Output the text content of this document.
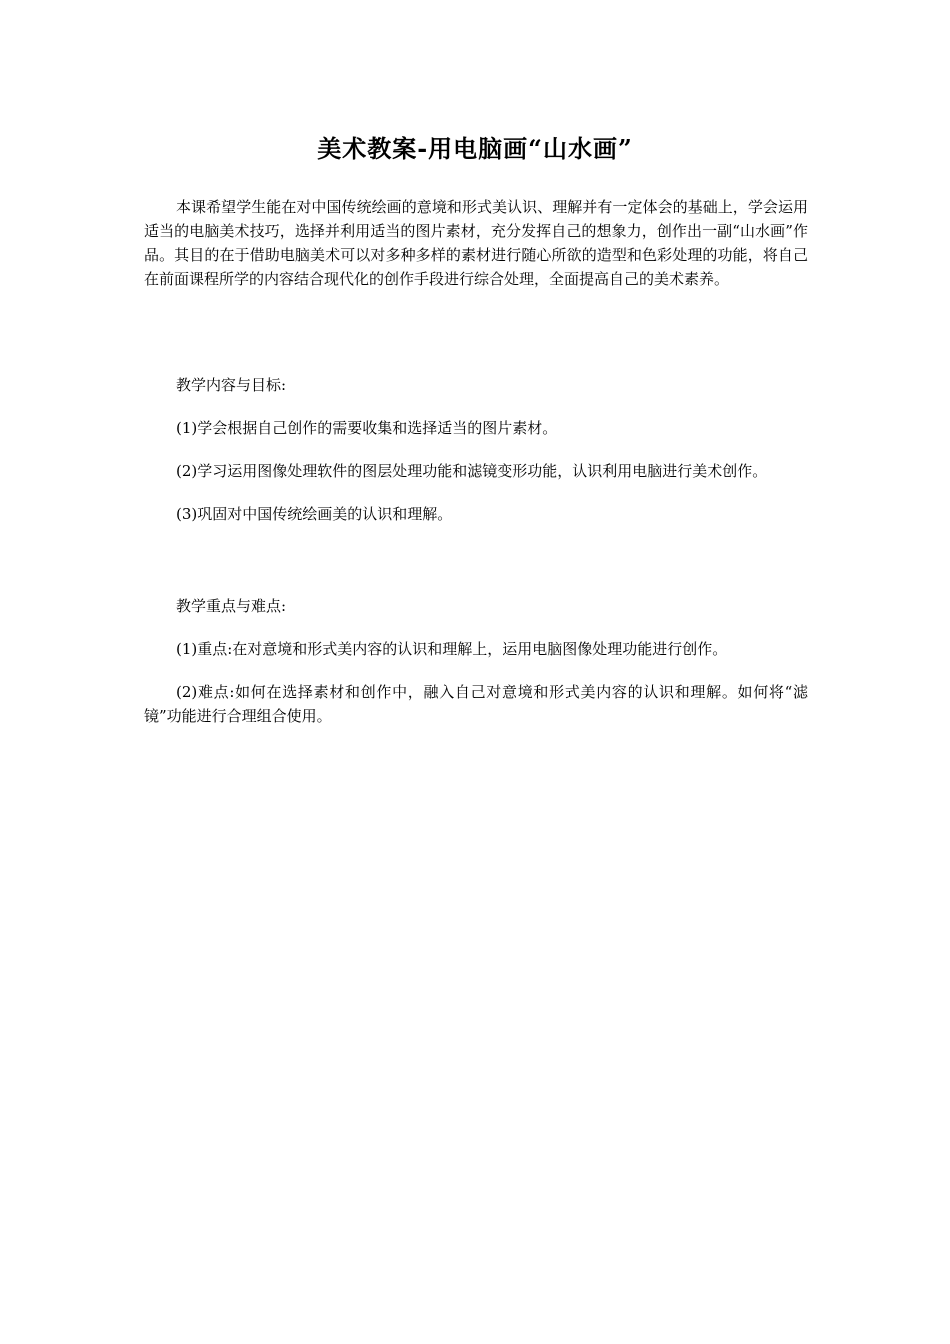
美术教案-用电脑画“山水画”

本课希望学生能在对中国传统绘画的意境和形式美认识、理解并有一定体会的基础上，学会运用适当的电脑美术技巧，选择并利用适当的图片素材，充分发挥自己的想象力，创作出一副“山水画”作品。其目的在于借助电脑美术可以对多种多样的素材进行随心所欲的造型和色彩处理的功能，将自己在前面课程所学的内容结合现代化的创作手段进行综合处理，全面提高自己的美术素养。

教学内容与目标:

(1)学会根据自己创作的需要收集和选择适当的图片素材。

(2)学习运用图像处理软件的图层处理功能和滤镜变形功能，认识利用电脑进行美术创作。

(3)巩固对中国传统绘画美的认识和理解。

教学重点与难点:

(1)重点:在对意境和形式美内容的认识和理解上，运用电脑图像处理功能进行创作。

(2)难点:如何在选择素材和创作中，融入自己对意境和形式美内容的认识和理解。如何将“滤镜”功能进行合理组合使用。
